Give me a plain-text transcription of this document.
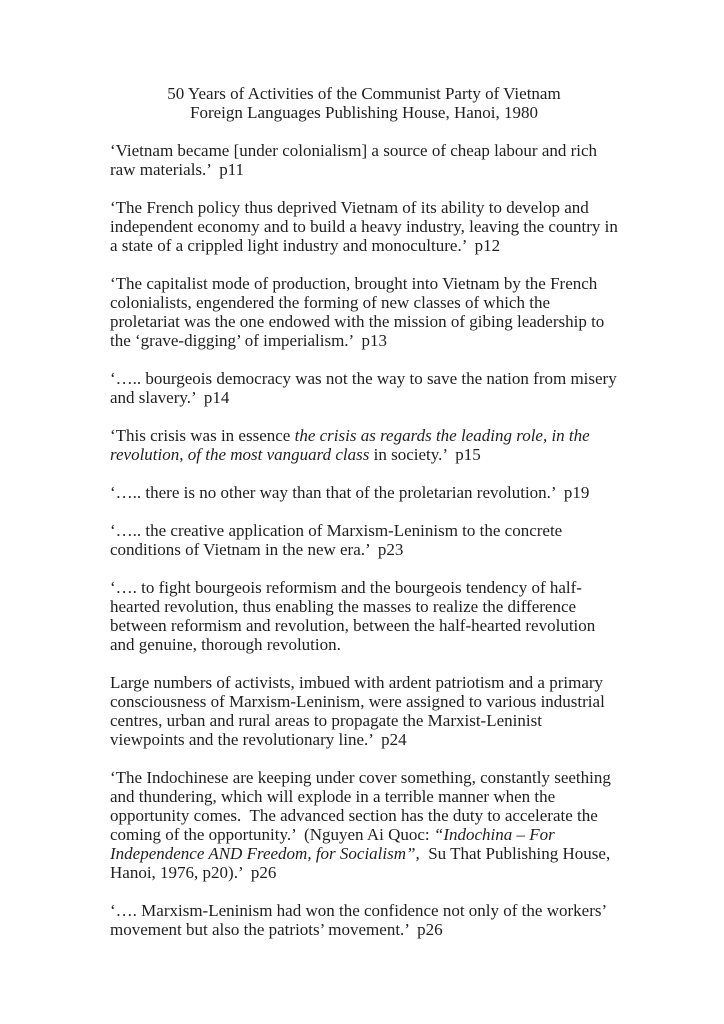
50 Years of Activities of the Communist Party of Vietnam
Foreign Languages Publishing House, Hanoi, 1980

‘Vietnam became [under colonialism] a source of cheap labour and rich raw materials.’  p11

‘The French policy thus deprived Vietnam of its ability to develop and independent economy and to build a heavy industry, leaving the country in a state of a crippled light industry and monoculture.’  p12

‘The capitalist mode of production, brought into Vietnam by the French colonialists, engendered the forming of new classes of which the proletariat was the one endowed with the mission of gibing leadership to the ‘grave-digging’ of imperialism.’  p13

‘….. bourgeois democracy was not the way to save the nation from misery and slavery.’  p14

‘This crisis was in essence the crisis as regards the leading role, in the revolution, of the most vanguard class in society.’  p15

‘….. there is no other way than that of the proletarian revolution.’  p19

‘….. the creative application of Marxism-Leninism to the concrete conditions of Vietnam in the new era.’  p23

‘…. to fight bourgeois reformism and the bourgeois tendency of half-hearted revolution, thus enabling the masses to realize the difference between reformism and revolution, between the half-hearted revolution and genuine, thorough revolution.

Large numbers of activists, imbued with ardent patriotism and a primary consciousness of Marxism-Leninism, were assigned to various industrial centres, urban and rural areas to propagate the Marxist-Leninist viewpoints and the revolutionary line.’  p24

‘The Indochinese are keeping under cover something, constantly seething and thundering, which will explode in a terrible manner when the opportunity comes.  The advanced section has the duty to accelerate the coming of the opportunity.’  (Nguyen Ai Quoc: “Indochina – For Independence AND Freedom, for Socialism”,  Su That Publishing House, Hanoi, 1976, p20).’  p26

‘…. Marxism-Leninism had won the confidence not only of the workers’ movement but also the patriots’ movement.’  p26
